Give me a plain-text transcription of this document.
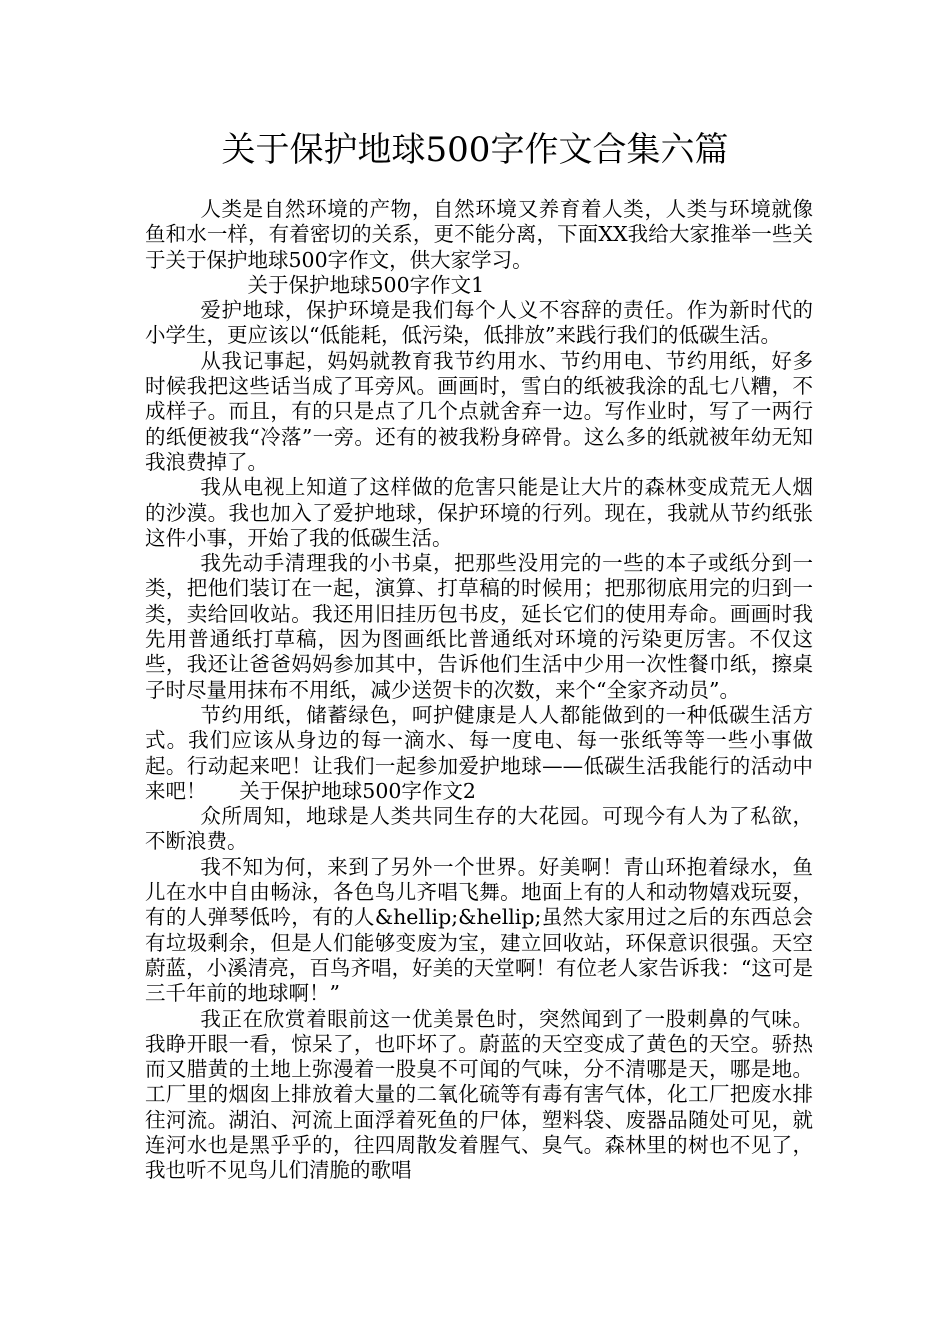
关于保护地球500字作文合集六篇

人类是自然环境的产物，自然环境又养育着人类，人类与环境就像鱼和水一样，有着密切的关系，更不能分离，下面XX我给大家推举一些关于关于保护地球500字作文，供大家学习。

关于保护地球500字作文1

爱护地球，保护环境是我们每个人义不容辞的责任。作为新时代的小学生，更应该以“低能耗，低污染，低排放”来践行我们的低碳生活。

从我记事起，妈妈就教育我节约用水、节约用电、节约用纸，好多时候我把这些话当成了耳旁风。画画时，雪白的纸被我涂的乱七八糟，不成样子。而且，有的只是点了几个点就舍弃一边。写作业时，写了一两行的纸便被我“冷落”一旁。还有的被我粉身碎骨。这么多的纸就被年幼无知我浪费掉了。

我从电视上知道了这样做的危害只能是让大片的森林变成荒无人烟的沙漠。我也加入了爱护地球，保护环境的行列。现在，我就从节约纸张这件小事，开始了我的低碳生活。

我先动手清理我的小书桌，把那些没用完的一些的本子或纸分到一类，把他们装订在一起，演算、打草稿的时候用；把那彻底用完的归到一类，卖给回收站。我还用旧挂历包书皮，延长它们的使用寿命。画画时我先用普通纸打草稿，因为图画纸比普通纸对环境的污染更厉害。不仅这些，我还让爸爸妈妈参加其中，告诉他们生活中少用一次性餐巾纸，擦桌子时尽量用抹布不用纸，减少送贺卡的次数，来个“全家齐动员”。

节约用纸，储蓄绿色，呵护健康是人人都能做到的一种低碳生活方式。我们应该从身边的每一滴水、每一度电、每一张纸等等一些小事做起。行动起来吧！让我们一起参加爱护地球——低碳生活我能行的活动中来吧！ 关于保护地球500字作文2

众所周知，地球是人类共同生存的大花园。可现今有人为了私欲，不断浪费。

我不知为何，来到了另外一个世界。好美啊！青山环抱着绿水，鱼儿在水中自由畅泳，各色鸟儿齐唱飞舞。地面上有的人和动物嬉戏玩耍，有的人弹琴低吟，有的人&hellip;&hellip;虽然大家用过之后的东西总会有垃圾剩余，但是人们能够变废为宝，建立回收站，环保意识很强。天空蔚蓝，小溪清亮，百鸟齐唱，好美的天堂啊！有位老人家告诉我：“这可是三千年前的地球啊！”

我正在欣赏着眼前这一优美景色时，突然闻到了一股刺鼻的气味。我睁开眼一看，惊呆了，也吓坏了。蔚蓝的天空变成了黄色的天空。骄热而又腊黄的土地上弥漫着一股臭不可闻的气味，分不清哪是天，哪是地。工厂里的烟囱上排放着大量的二氧化硫等有毒有害气体，化工厂把废水排往河流。湖泊、河流上面浮着死鱼的尸体，塑料袋、废器品随处可见，就连河水也是黑乎乎的，往四周散发着腥气、臭气。森林里的树也不见了，我也听不见鸟儿们清脆的歌唱
